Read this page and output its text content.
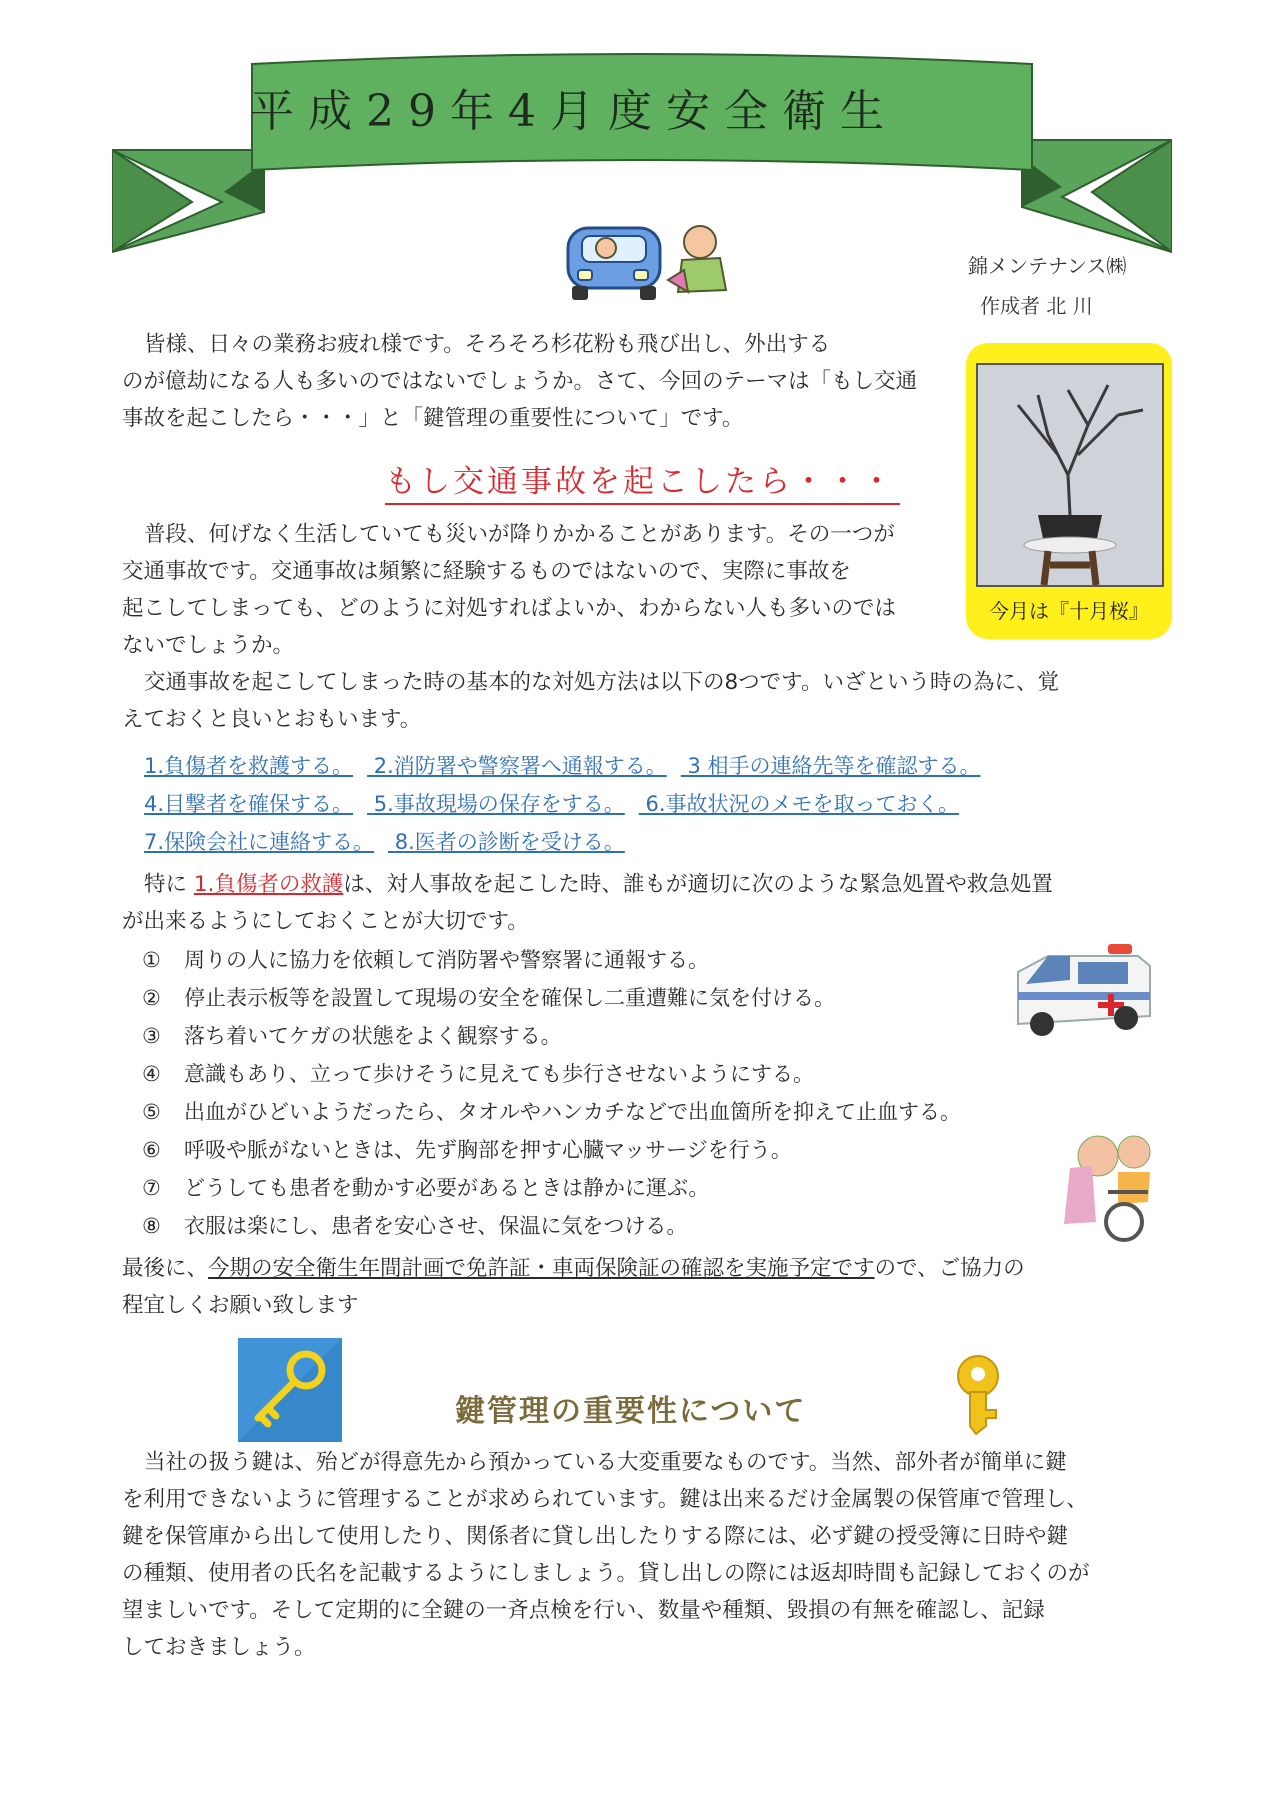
平成29年4月度安全衛生
錦メンテナンス㈱
作成者 北 川

皆様、日々の業務お疲れ様です。そろそろ杉花粉も飛び出し、外出する

のが億劫になる人も多いのではないでしょうか。さて、今回のテーマは「もし交通

事故を起こしたら・・・」と「鍵管理の重要性について」です。

今月は『十月桜』
もし交通事故を起こしたら・・・

普段、何げなく生活していても災いが降りかかることがあります。その一つが

交通事故です。交通事故は頻繁に経験するものではないので、実際に事故を

起こしてしまっても、どのように対処すればよいか、わからない人も多いのでは

ないでしょうか。

交通事故を起こしてしまった時の基本的な対処方法は以下の8つです。いざという時の為に、覚

えておくと良いとおもいます。

1.負傷者を救護する。 2.消防署や警察署へ通報する。 3 相手の連絡先等を確認する。
4.目撃者を確保する。 5.事故現場の保存をする。 6.事故状況のメモを取っておく。
7.保険会社に連絡する。 8.医者の診断を受ける。

特に 1.負傷者の救護は、対人事故を起こした時、誰もが適切に次のような緊急処置や救急処置

が出来るようにしておくことが大切です。

① 周りの人に協力を依頼して消防署や警察署に通報する。
② 停止表示板等を設置して現場の安全を確保し二重遭難に気を付ける。
③ 落ち着いてケガの状態をよく観察する。
④ 意識もあり、立って歩けそうに見えても歩行させないようにする。
⑤ 出血がひどいようだったら、タオルやハンカチなどで出血箇所を抑えて止血する。
⑥ 呼吸や脈がないときは、先ず胸部を押す心臓マッサージを行う。
⑦ どうしても患者を動かす必要があるときは静かに運ぶ。
⑧ 衣服は楽にし、患者を安心させ、保温に気をつける。

最後に、今期の安全衛生年間計画で免許証・車両保険証の確認を実施予定ですので、ご協力の

程宜しくお願い致します

鍵管理の重要性について

当社の扱う鍵は、殆どが得意先から預かっている大変重要なものです。当然、部外者が簡単に鍵

を利用できないように管理することが求められています。鍵は出来るだけ金属製の保管庫で管理し、

鍵を保管庫から出して使用したり、関係者に貸し出したりする際には、必ず鍵の授受簿に日時や鍵

の種類、使用者の氏名を記載するようにしましょう。貸し出しの際には返却時間も記録しておくのが

望ましいです。そして定期的に全鍵の一斉点検を行い、数量や種類、毀損の有無を確認し、記録

しておきましょう。
